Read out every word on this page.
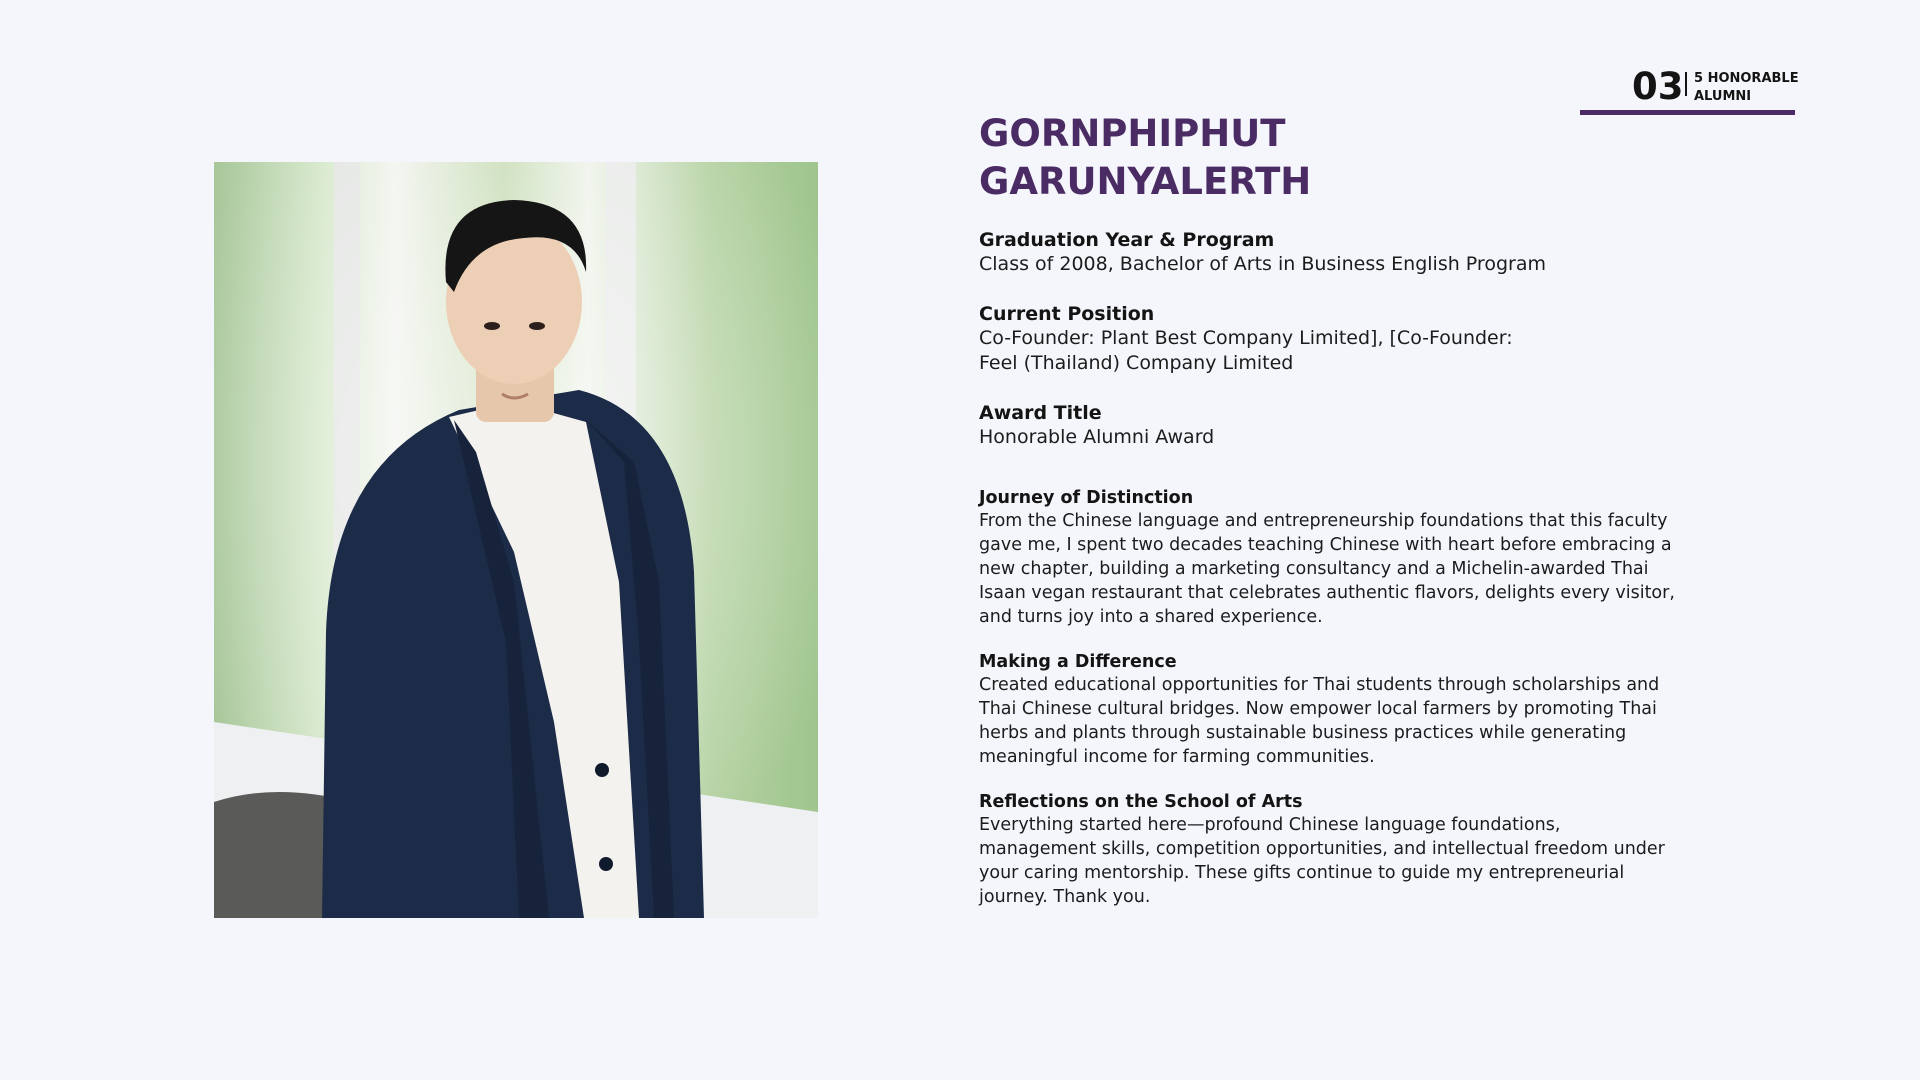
03 5 HONORABLE ALUMNI
GORNPHIPHUT
GARUNYALERTH
Graduation Year & Program
Class of 2008, Bachelor of Arts in Business English Program
Current Position
Co-Founder: Plant Best Company Limited], [Co-Founder:
Feel (Thailand) Company Limited
Award Title
Honorable Alumni Award
Journey of Distinction
From the Chinese language and entrepreneurship foundations that this faculty gave me, I spent two decades teaching Chinese with heart before embracing a new chapter, building a marketing consultancy and a Michelin-awarded Thai Isaan vegan restaurant that celebrates authentic flavors, delights every visitor, and turns joy into a shared experience.
Making a Difference
Created educational opportunities for Thai students through scholarships and Thai Chinese cultural bridges. Now empower local farmers by promoting Thai herbs and plants through sustainable business practices while generating meaningful income for farming communities.
Reflections on the School of Arts
Everything started here—profound Chinese language foundations, management skills, competition opportunities, and intellectual freedom under your caring mentorship. These gifts continue to guide my entrepreneurial journey. Thank you.
